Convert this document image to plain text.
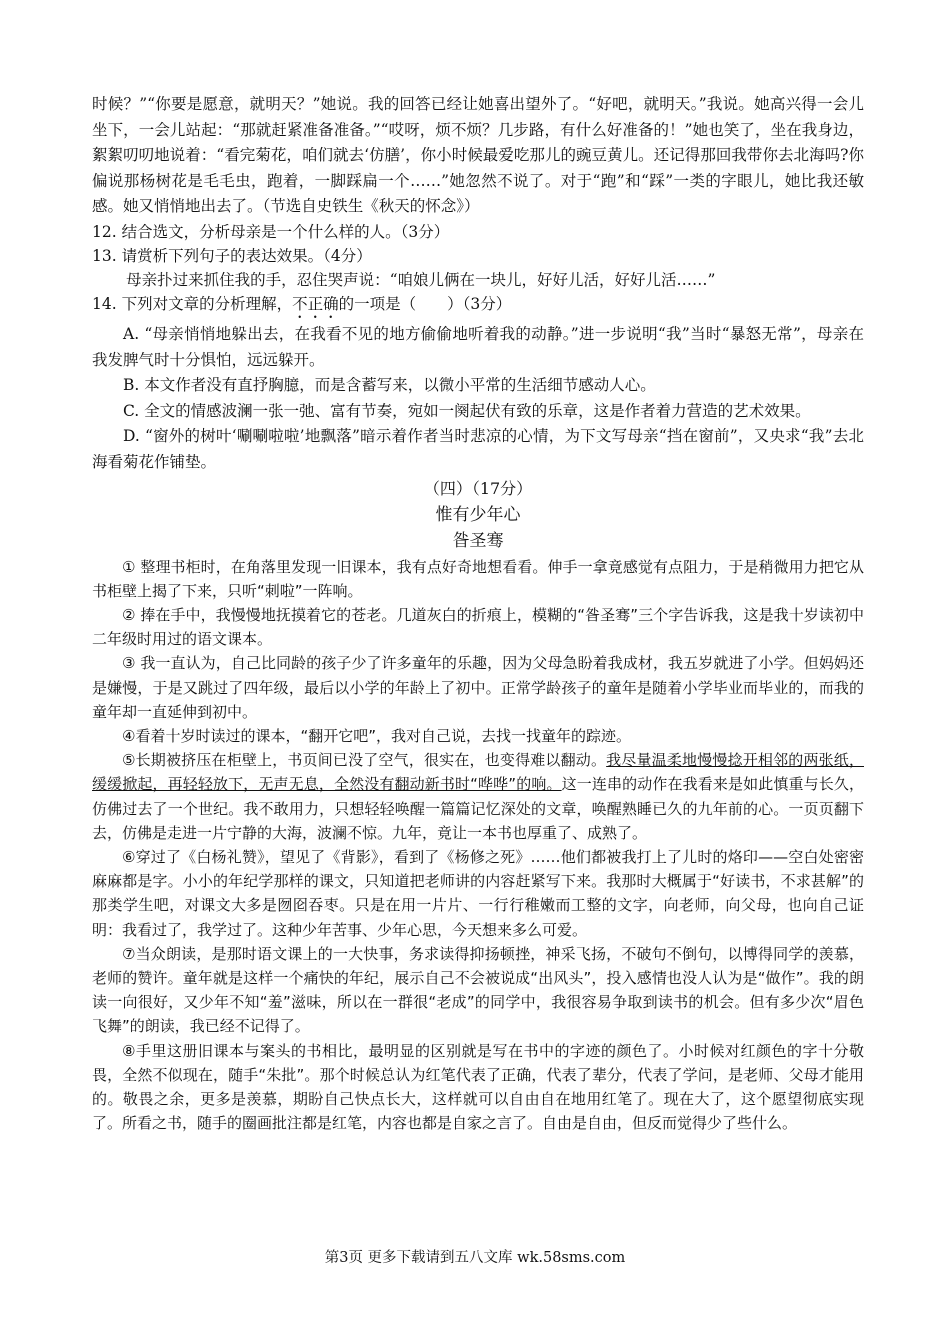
时候？”“你要是愿意，就明天？”她说。我的回答已经让她喜出望外了。“好吧，就明天。”我说。她高兴得一会儿坐下，一会儿站起：“那就赶紧准备准备。”“哎呀，烦不烦？几步路，有什么好准备的！”她也笑了，坐在我身边，絮絮叨叨地说着：“看完菊花，咱们就去‘仿膳’，你小时候最爱吃那儿的豌豆黄儿。还记得那回我带你去北海吗?你偏说那杨树花是毛毛虫，跑着，一脚踩扁一个……”她忽然不说了。对于“跑”和“踩”一类的字眼儿，她比我还敏感。她又悄悄地出去了。（节选自史铁生《秋天的怀念》）

12. 结合选文，分析母亲是一个什么样的人。（3分）

13. 请赏析下列句子的表达效果。（4分）

母亲扑过来抓住我的手，忍住哭声说：“咱娘儿俩在一块儿，好好儿活，好好儿活……”

14. 下列对文章的分析理解，不正确的一项是（　　）（3分）

A. “母亲悄悄地躲出去，在我看不见的地方偷偷地听着我的动静。”进一步说明“我”当时“暴怒无常”，母亲在我发脾气时十分惧怕，远远躲开。

B. 本文作者没有直抒胸臆，而是含蓄写来，以微小平常的生活细节感动人心。

C. 全文的情感波澜一张一弛、富有节奏，宛如一阕起伏有致的乐章，这是作者着力营造的艺术效果。

D. “窗外的树叶‘唰唰啦啦’地飘落”暗示着作者当时悲凉的心情，为下文写母亲“挡在窗前”，又央求“我”去北海看菊花作铺垫。

（四）（17分）

惟有少年心

昝圣骞

① 整理书柜时，在角落里发现一旧课本，我有点好奇地想看看。伸手一拿竟感觉有点阻力，于是稍微用力把它从书柜壁上揭了下来，只听“刺啦”一阵响。

② 捧在手中，我慢慢地抚摸着它的苍老。几道灰白的折痕上，模糊的“昝圣骞”三个字告诉我，这是我十岁读初中二年级时用过的语文课本。

③ 我一直认为，自己比同龄的孩子少了许多童年的乐趣，因为父母急盼着我成材，我五岁就进了小学。但妈妈还是嫌慢，于是又跳过了四年级，最后以小学的年龄上了初中。正常学龄孩子的童年是随着小学毕业而毕业的，而我的童年却一直延伸到初中。

④看着十岁时读过的课本，“翻开它吧”，我对自己说，去找一找童年的踪迹。

⑤长期被挤压在柜壁上，书页间已没了空气，很实在，也变得难以翻动。我尽量温柔地慢慢捻开相邻的两张纸，缓缓掀起，再轻轻放下，无声无息，全然没有翻动新书时“哗哗”的响。这一连串的动作在我看来是如此慎重与长久，仿佛过去了一个世纪。我不敢用力，只想轻轻唤醒一篇篇记忆深处的文章，唤醒熟睡已久的九年前的心。一页页翻下去，仿佛是走进一片宁静的大海，波澜不惊。九年，竟让一本书也厚重了、成熟了。

⑥穿过了《白杨礼赞》，望见了《背影》，看到了《杨修之死》……他们都被我打上了儿时的烙印——空白处密密麻麻都是字。小小的年纪学那样的课文，只知道把老师讲的内容赶紧写下来。我那时大概属于“好读书，不求甚解”的那类学生吧，对课文大多是囫囵吞枣。只是在用一片片、一行行稚嫩而工整的文字，向老师，向父母，也向自己证明：我看过了，我学过了。这种少年苦事、少年心思，今天想来多么可爱。

⑦当众朗读，是那时语文课上的一大快事，务求读得抑扬顿挫，神采飞扬，不破句不倒句，以博得同学的羡慕，老师的赞许。童年就是这样一个痛快的年纪，展示自己不会被说成“出风头”，投入感情也没人认为是“做作”。我的朗读一向很好，又少年不知“羞”滋味，所以在一群很“老成”的同学中，我很容易争取到读书的机会。但有多少次“眉色飞舞”的朗读，我已经不记得了。

⑧手里这册旧课本与案头的书相比，最明显的区别就是写在书中的字迹的颜色了。小时候对红颜色的字十分敬畏，全然不似现在，随手“朱批”。那个时候总认为红笔代表了正确，代表了辈分，代表了学问，是老师、父母才能用的。敬畏之余，更多是羡慕，期盼自己快点长大，这样就可以自由自在地用红笔了。现在大了，这个愿望彻底实现了。所看之书，随手的圈画批注都是红笔，内容也都是自家之言了。自由是自由，但反而觉得少了些什么。

第3页 更多下载请到五八文库 wk.58sms.com
